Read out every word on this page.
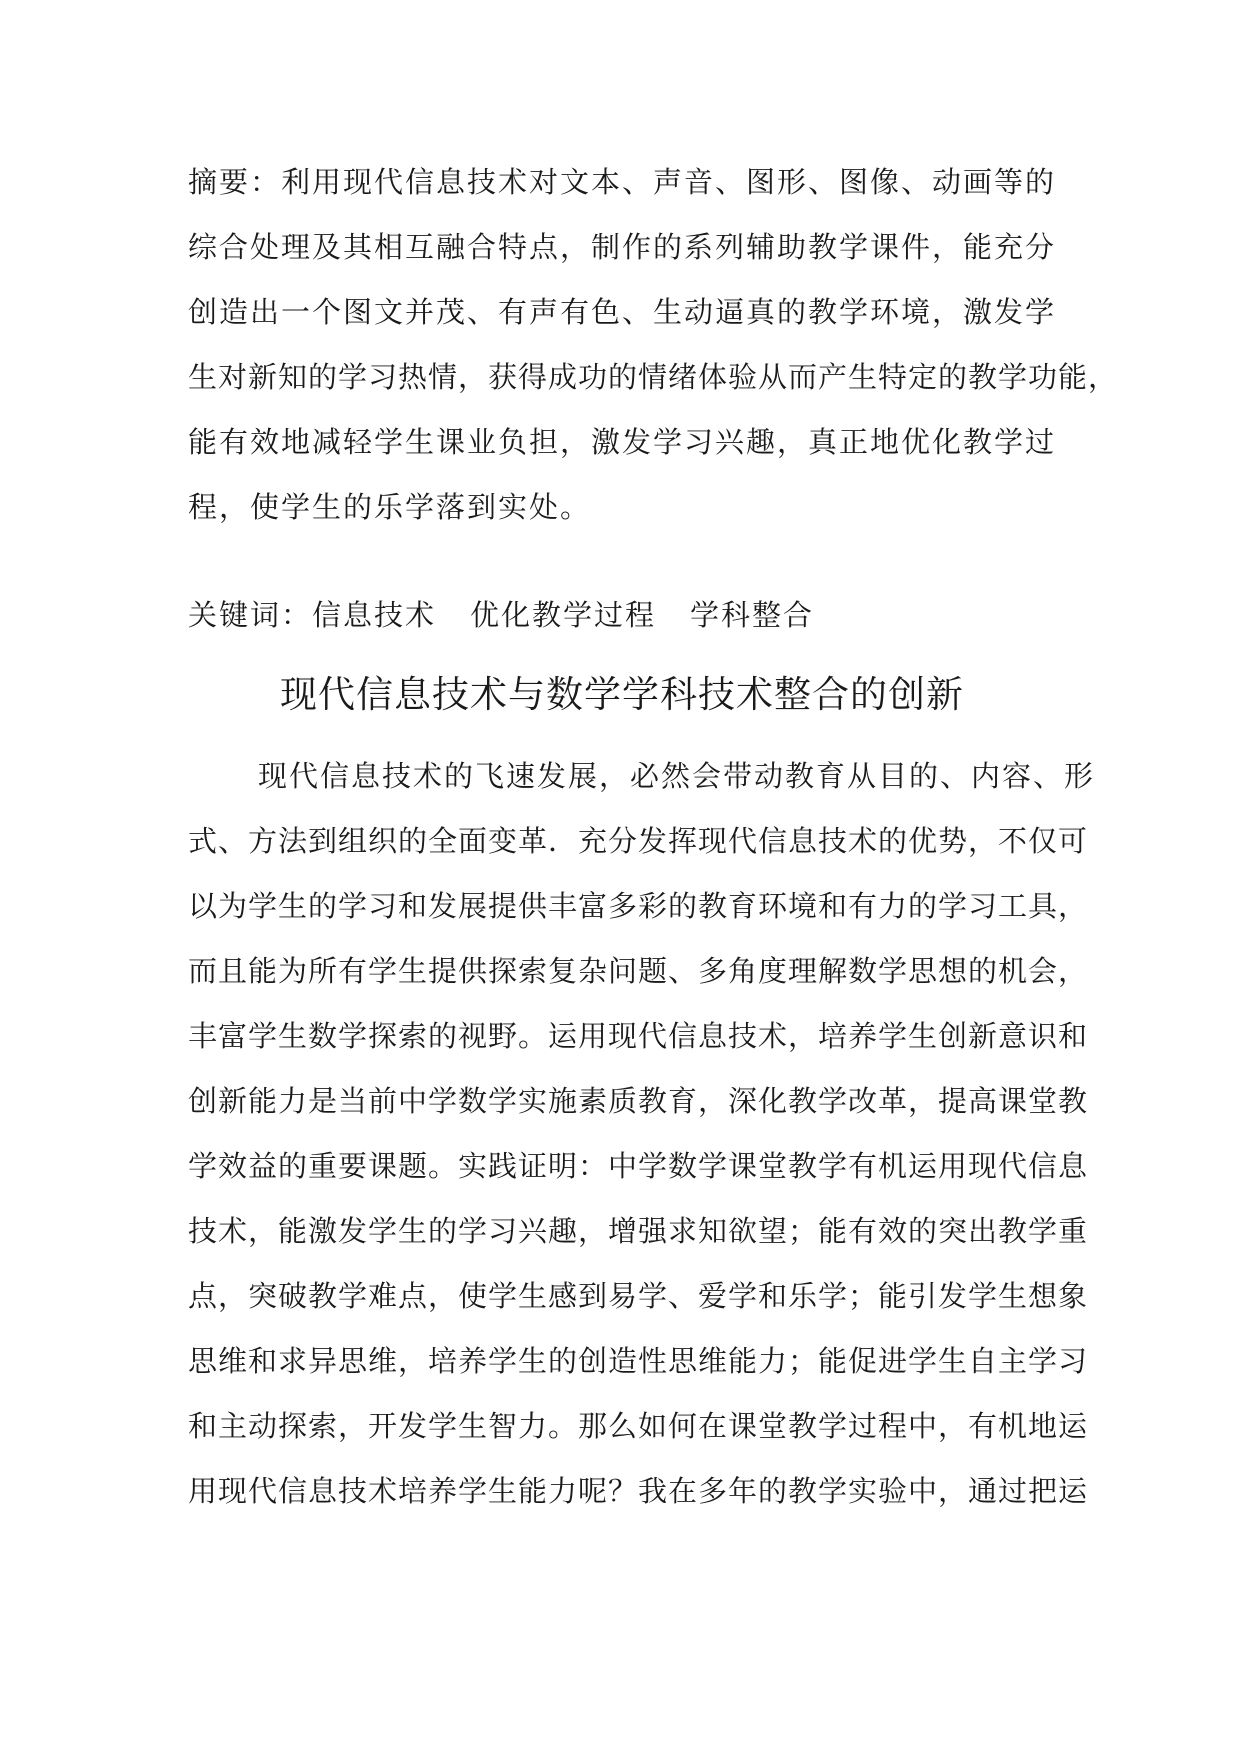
摘要：利用现代信息技术对文本、声音、图形、图像、动画等的
综合处理及其相互融合特点，制作的系列辅助教学课件，能充分
创造出一个图文并茂、有声有色、生动逼真的教学环境，激发学
生对新知的学习热情，获得成功的情绪体验从而产生特定的教学功能，
能有效地减轻学生课业负担，激发学习兴趣，真正地优化教学过
程，使学生的乐学落到实处。
关键词：信息技术 优化教学过程 学科整合
现代信息技术与数学学科技术整合的创新
现代信息技术的飞速发展，必然会带动教育从目的、内容、形
式、方法到组织的全面变革．充分发挥现代信息技术的优势，不仅可
以为学生的学习和发展提供丰富多彩的教育环境和有力的学习工具，
而且能为所有学生提供探索复杂问题、多角度理解数学思想的机会，
丰富学生数学探索的视野。运用现代信息技术，培养学生创新意识和
创新能力是当前中学数学实施素质教育，深化教学改革，提高课堂教
学效益的重要课题。实践证明：中学数学课堂教学有机运用现代信息
技术，能激发学生的学习兴趣，增强求知欲望；能有效的突出教学重
点，突破教学难点，使学生感到易学、爱学和乐学；能引发学生想象
思维和求异思维，培养学生的创造性思维能力；能促进学生自主学习
和主动探索，开发学生智力。那么如何在课堂教学过程中，有机地运
用现代信息技术培养学生能力呢？我在多年的教学实验中，通过把运
